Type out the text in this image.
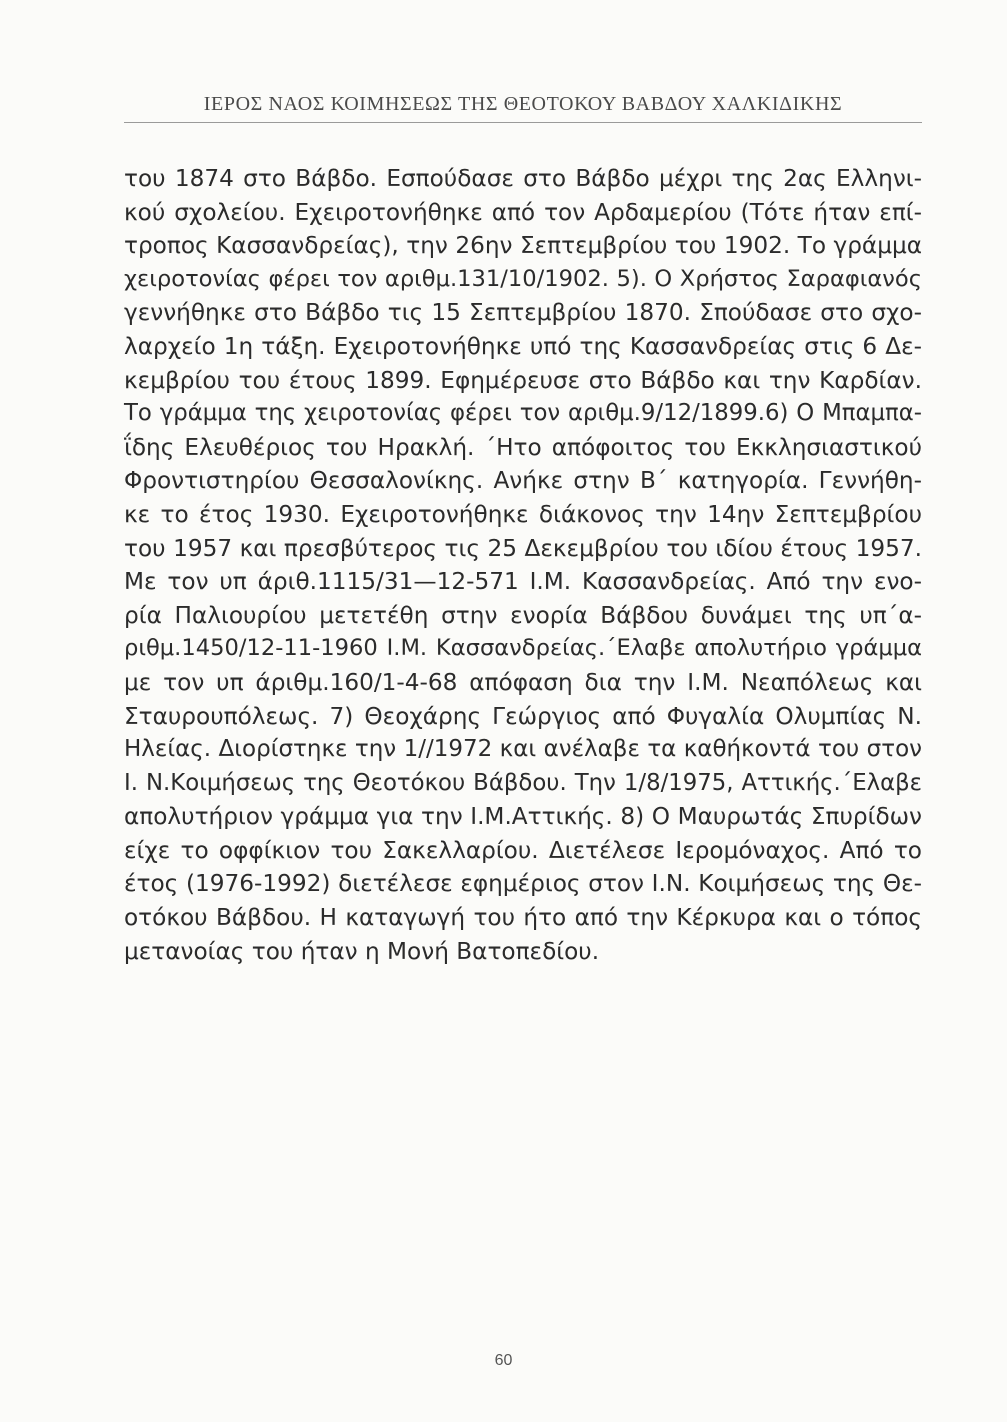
ΙΕΡΟΣ ΝΑΟΣ ΚΟΙΜΗΣΕΩΣ ΤΗΣ ΘΕΟΤΟΚΟΥ ΒΑΒΔΟΥ ΧΑΛΚΙΔΙΚΗΣ
του 1874 στο Βάβδο. Εσπούδασε στο Βάβδο μέχρι της 2ας Ελληνι-
κού σχολείου. Εχειροτονήθηκε από τον Αρδαμερίου (Τότε ήταν επί-
τροπος Κασσανδρείας), την 26ην Σεπτεμβρίου του 1902. Το γράμμα
χειροτονίας φέρει τον αριθμ.131/10/1902. 5). Ο Χρήστος Σαραφιανός
γεννήθηκε στο Βάβδο τις 15 Σεπτεμβρίου 1870. Σπούδασε στο σχο-
λαρχείο 1η τάξη. Εχειροτονήθηκε υπό της Κασσανδρείας στις 6 Δε-
κεμβρίου του έτους 1899. Εφημέρευσε στο Βάβδο και την Καρδίαν.
Το γράμμα της χειροτονίας φέρει τον αριθμ.9/12/1899.6) Ο Μπαμπα-
ΐδης Ελευθέριος του Ηρακλή. ΄Ητο απόφοιτος του Εκκλησιαστικού
Φροντιστηρίου Θεσσαλονίκης. Ανήκε στην Β΄ κατηγορία. Γεννήθη-
κε το έτος 1930. Εχειροτονήθηκε διάκονος την 14ην Σεπτεμβρίου
του 1957 και πρεσβύτερος τις 25 Δεκεμβρίου του ιδίου έτους 1957.
Με τον υπ άριθ.1115/31—12-571 Ι.Μ. Κασσανδρείας. Από την ενο-
ρία Παλιουρίου μετετέθη στην ενορία Βάβδου δυνάμει της υπ΄α-
ριθμ.1450/12-11-1960 Ι.Μ. Κασσανδρείας.΄Ελαβε απολυτήριο γράμμα
με τον υπ άριθμ.160/1-4-68 απόφαση δια την Ι.Μ. Νεαπόλεως και
Σταυρουπόλεως. 7) Θεοχάρης Γεώργιος από Φυγαλία Ολυμπίας Ν.
Ηλείας. Διορίστηκε την 1//1972 και ανέλαβε τα καθήκοντά του στον
Ι. Ν.Κοιμήσεως της Θεοτόκου Βάβδου. Την 1/8/1975, Αττικής.΄Ελαβε
απολυτήριον γράμμα για την Ι.Μ.Αττικής. 8) Ο Μαυρωτάς Σπυρίδων
είχε το οφφίκιον του Σακελλαρίου. Διετέλεσε Ιερομόναχος. Από το
έτος (1976-1992) διετέλεσε εφημέριος στον Ι.Ν. Κοιμήσεως της Θε-
οτόκου Βάβδου. Η καταγωγή του ήτο από την Κέρκυρα και ο τόπος
μετανοίας του ήταν η Μονή Βατοπεδίου.
60
